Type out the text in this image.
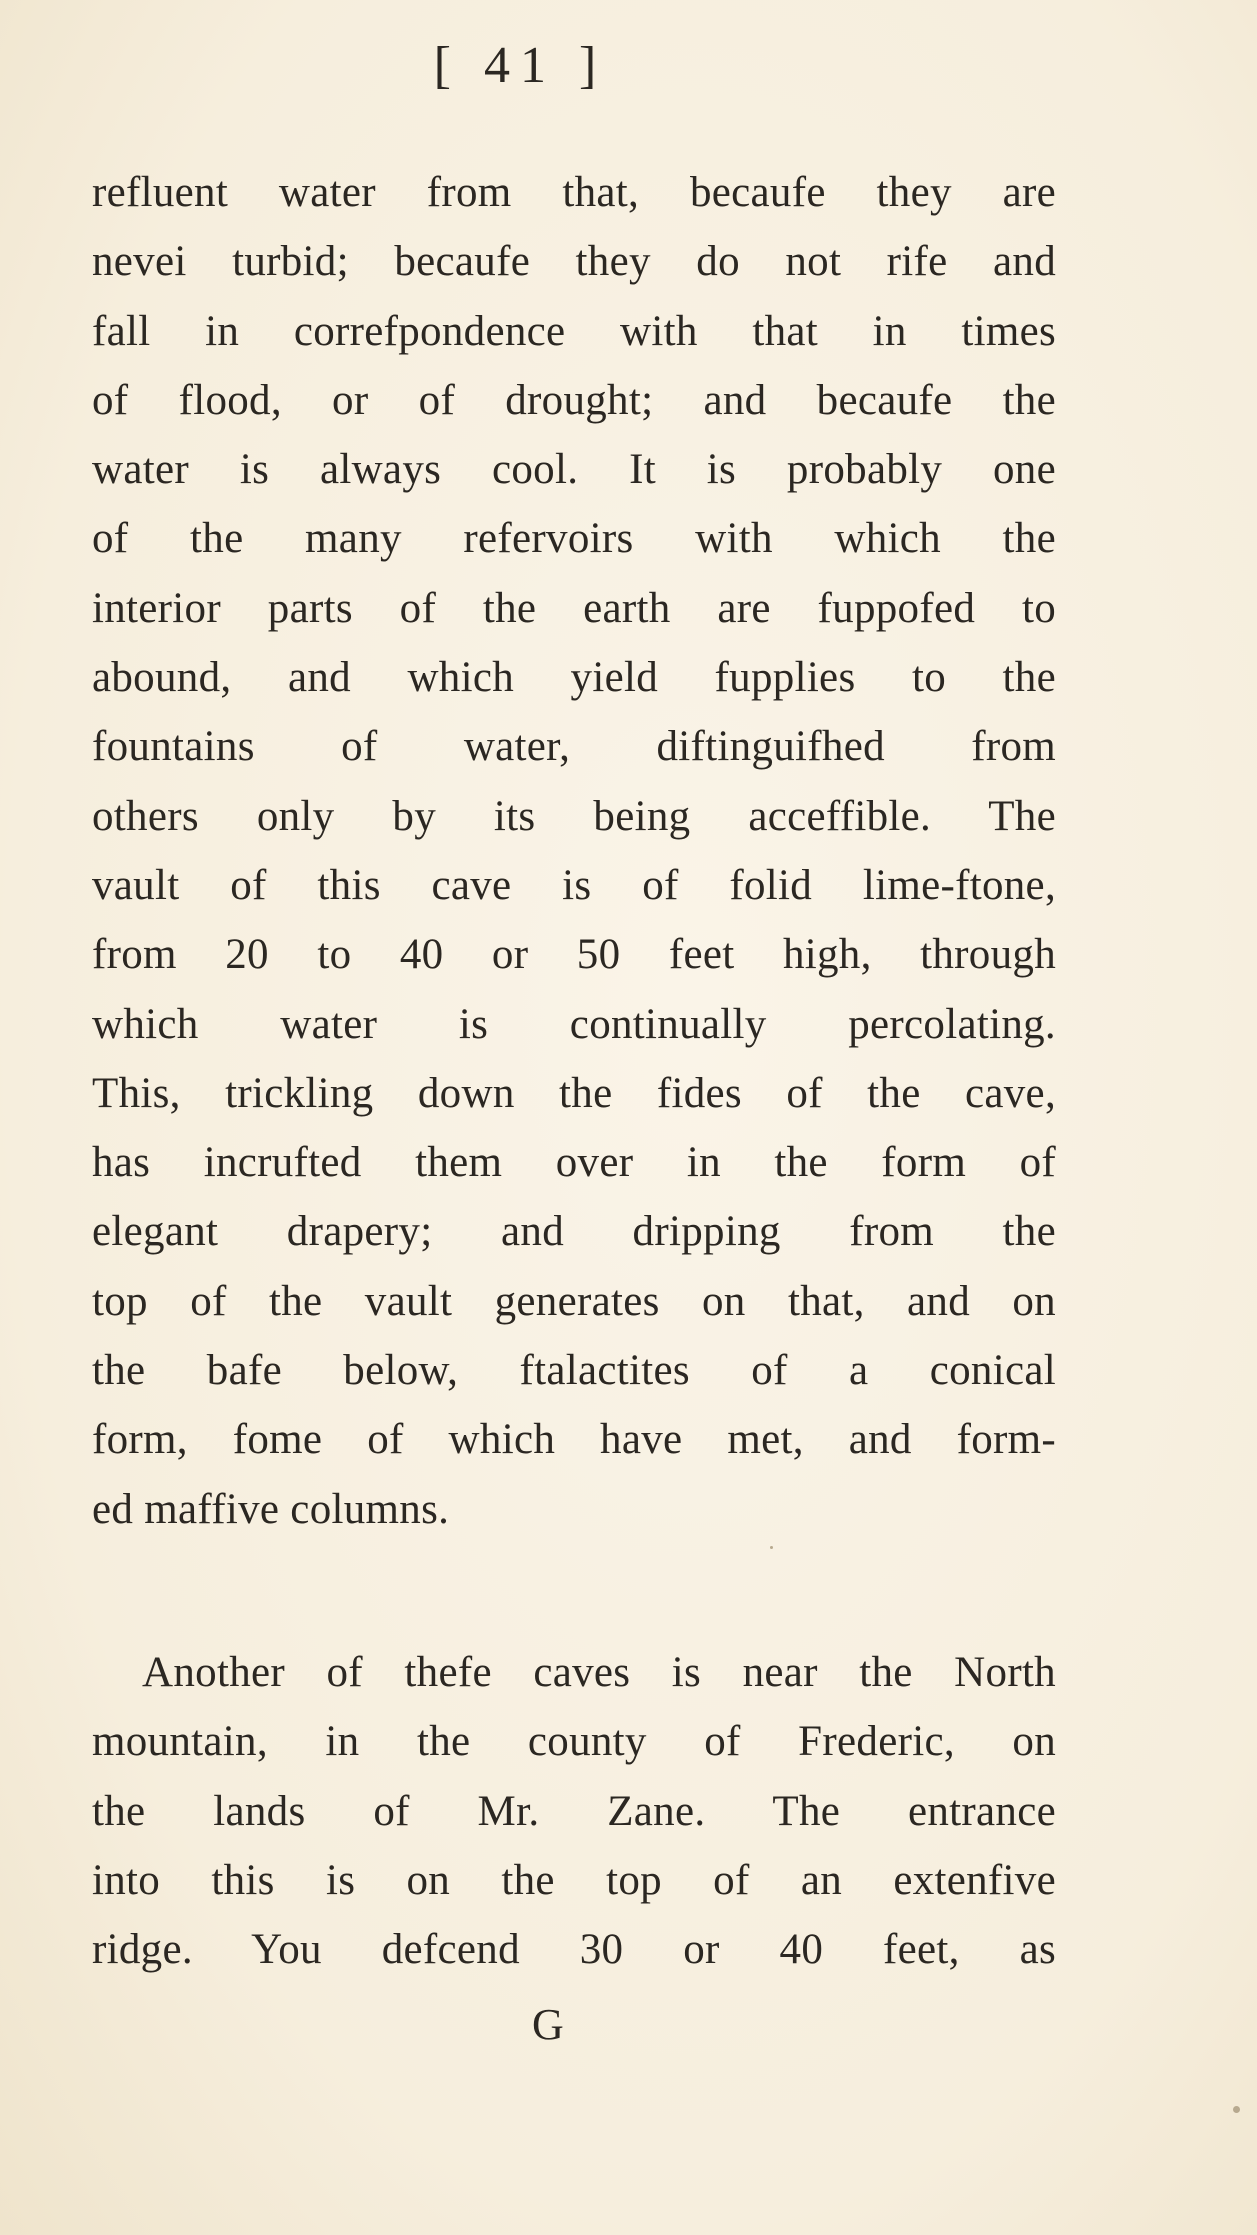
[ 41 ]
refluent water from that, becaufe they are
nevei turbid; becaufe they do not rife and
fall in correfpondence with that in times
of flood, or of drought; and becaufe the
water is always cool. It is probably one
of the many refervoirs with which the
interior parts of the earth are fuppofed to
abound, and which yield fupplies to the
fountains of water, diftinguifhed from
others only by its being acceffible. The
vault of this cave is of folid lime-ftone,
from 20 to 40 or 50 feet high, through
which water is continually percolating.
This, trickling down the fides of the cave,
has incrufted them over in the form of
elegant drapery; and dripping from the
top of the vault generates on that, and on
the bafe below, ftalactites of a conical
form, fome of which have met, and form-
ed maffive columns.
Another of thefe caves is near the North
mountain, in the county of Frederic, on
the lands of Mr. Zane. The entrance
into this is on the top of an extenfive
ridge. You defcend 30 or 40 feet, as
G
